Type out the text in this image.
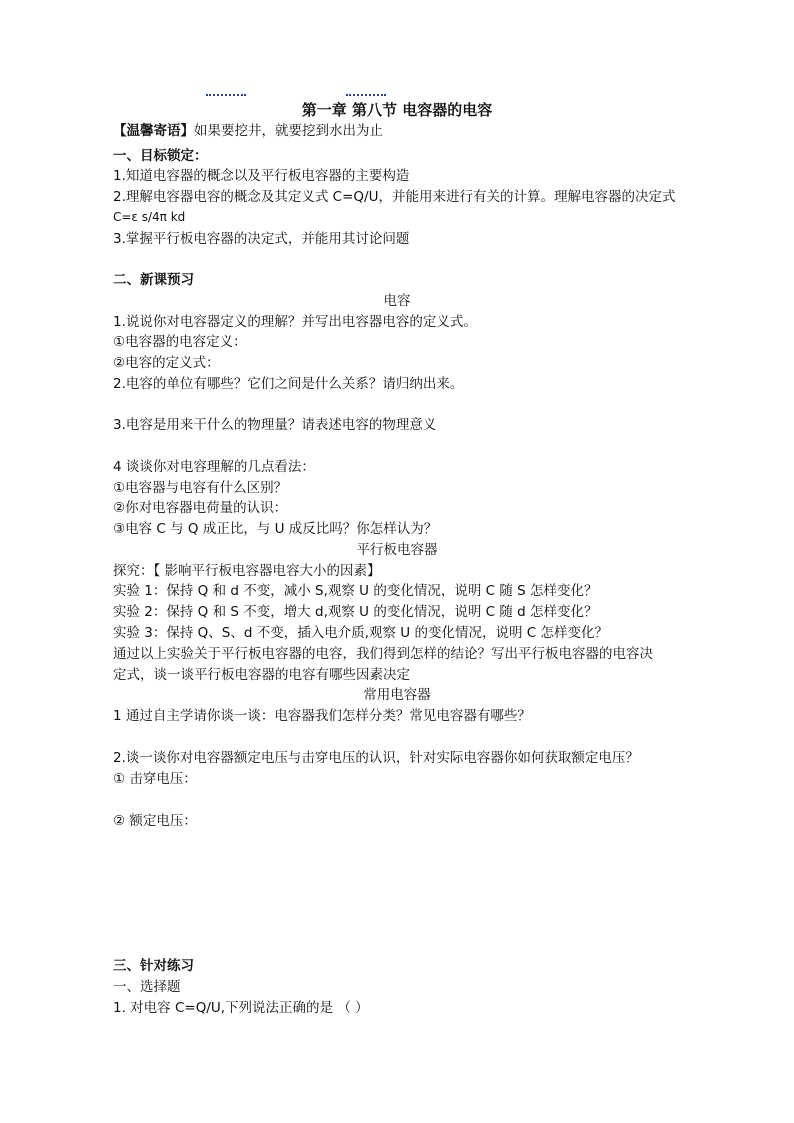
第一章 第八节 电容器的电容
【温馨寄语】如果要挖井，就要挖到水出为止
一、目标锁定：
1.知道电容器的概念以及平行板电容器的主要构造
2.理解电容器电容的概念及其定义式 C=Q/U，并能用来进行有关的计算。理解电容器的决定式
C=ε s/4π kd
3.掌握平行板电容器的决定式，并能用其讨论问题
二、新课预习
电容
1.说说你对电容器定义的理解？并写出电容器电容的定义式。
①电容器的电容定义：
②电容的定义式：
2.电容的单位有哪些？它们之间是什么关系？请归纳出来。
3.电容是用来干什么的物理量？请表述电容的物理意义
4 谈谈你对电容理解的几点看法：
①电容器与电容有什么区别？
②你对电容器电荷量的认识：
③电容 C 与 Q 成正比，与 U 成反比吗？你怎样认为？
平行板电容器
探究：【 影响平行板电容器电容大小的因素】
实验 1：保持 Q 和 d 不变，减小 S,观察 U 的变化情况，说明 C 随 S 怎样变化？
实验 2：保持 Q 和 S 不变，增大 d,观察 U 的变化情况，说明 C 随 d 怎样变化？
实验 3：保持 Q、S、d 不变，插入电介质,观察 U 的变化情况，说明 C 怎样变化？
通过以上实验关于平行板电容器的电容，我们得到怎样的结论？写出平行板电容器的电容决
定式，谈一谈平行板电容器的电容有哪些因素决定
常用电容器
1 通过自主学请你谈一谈：电容器我们怎样分类？常见电容器有哪些？
2.谈一谈你对电容器额定电压与击穿电压的认识，针对实际电容器你如何获取额定电压？
① 击穿电压：
② 额定电压：
三、针对练习
一、选择题
1. 对电容 C=Q/U,下列说法正确的是 （ ）
